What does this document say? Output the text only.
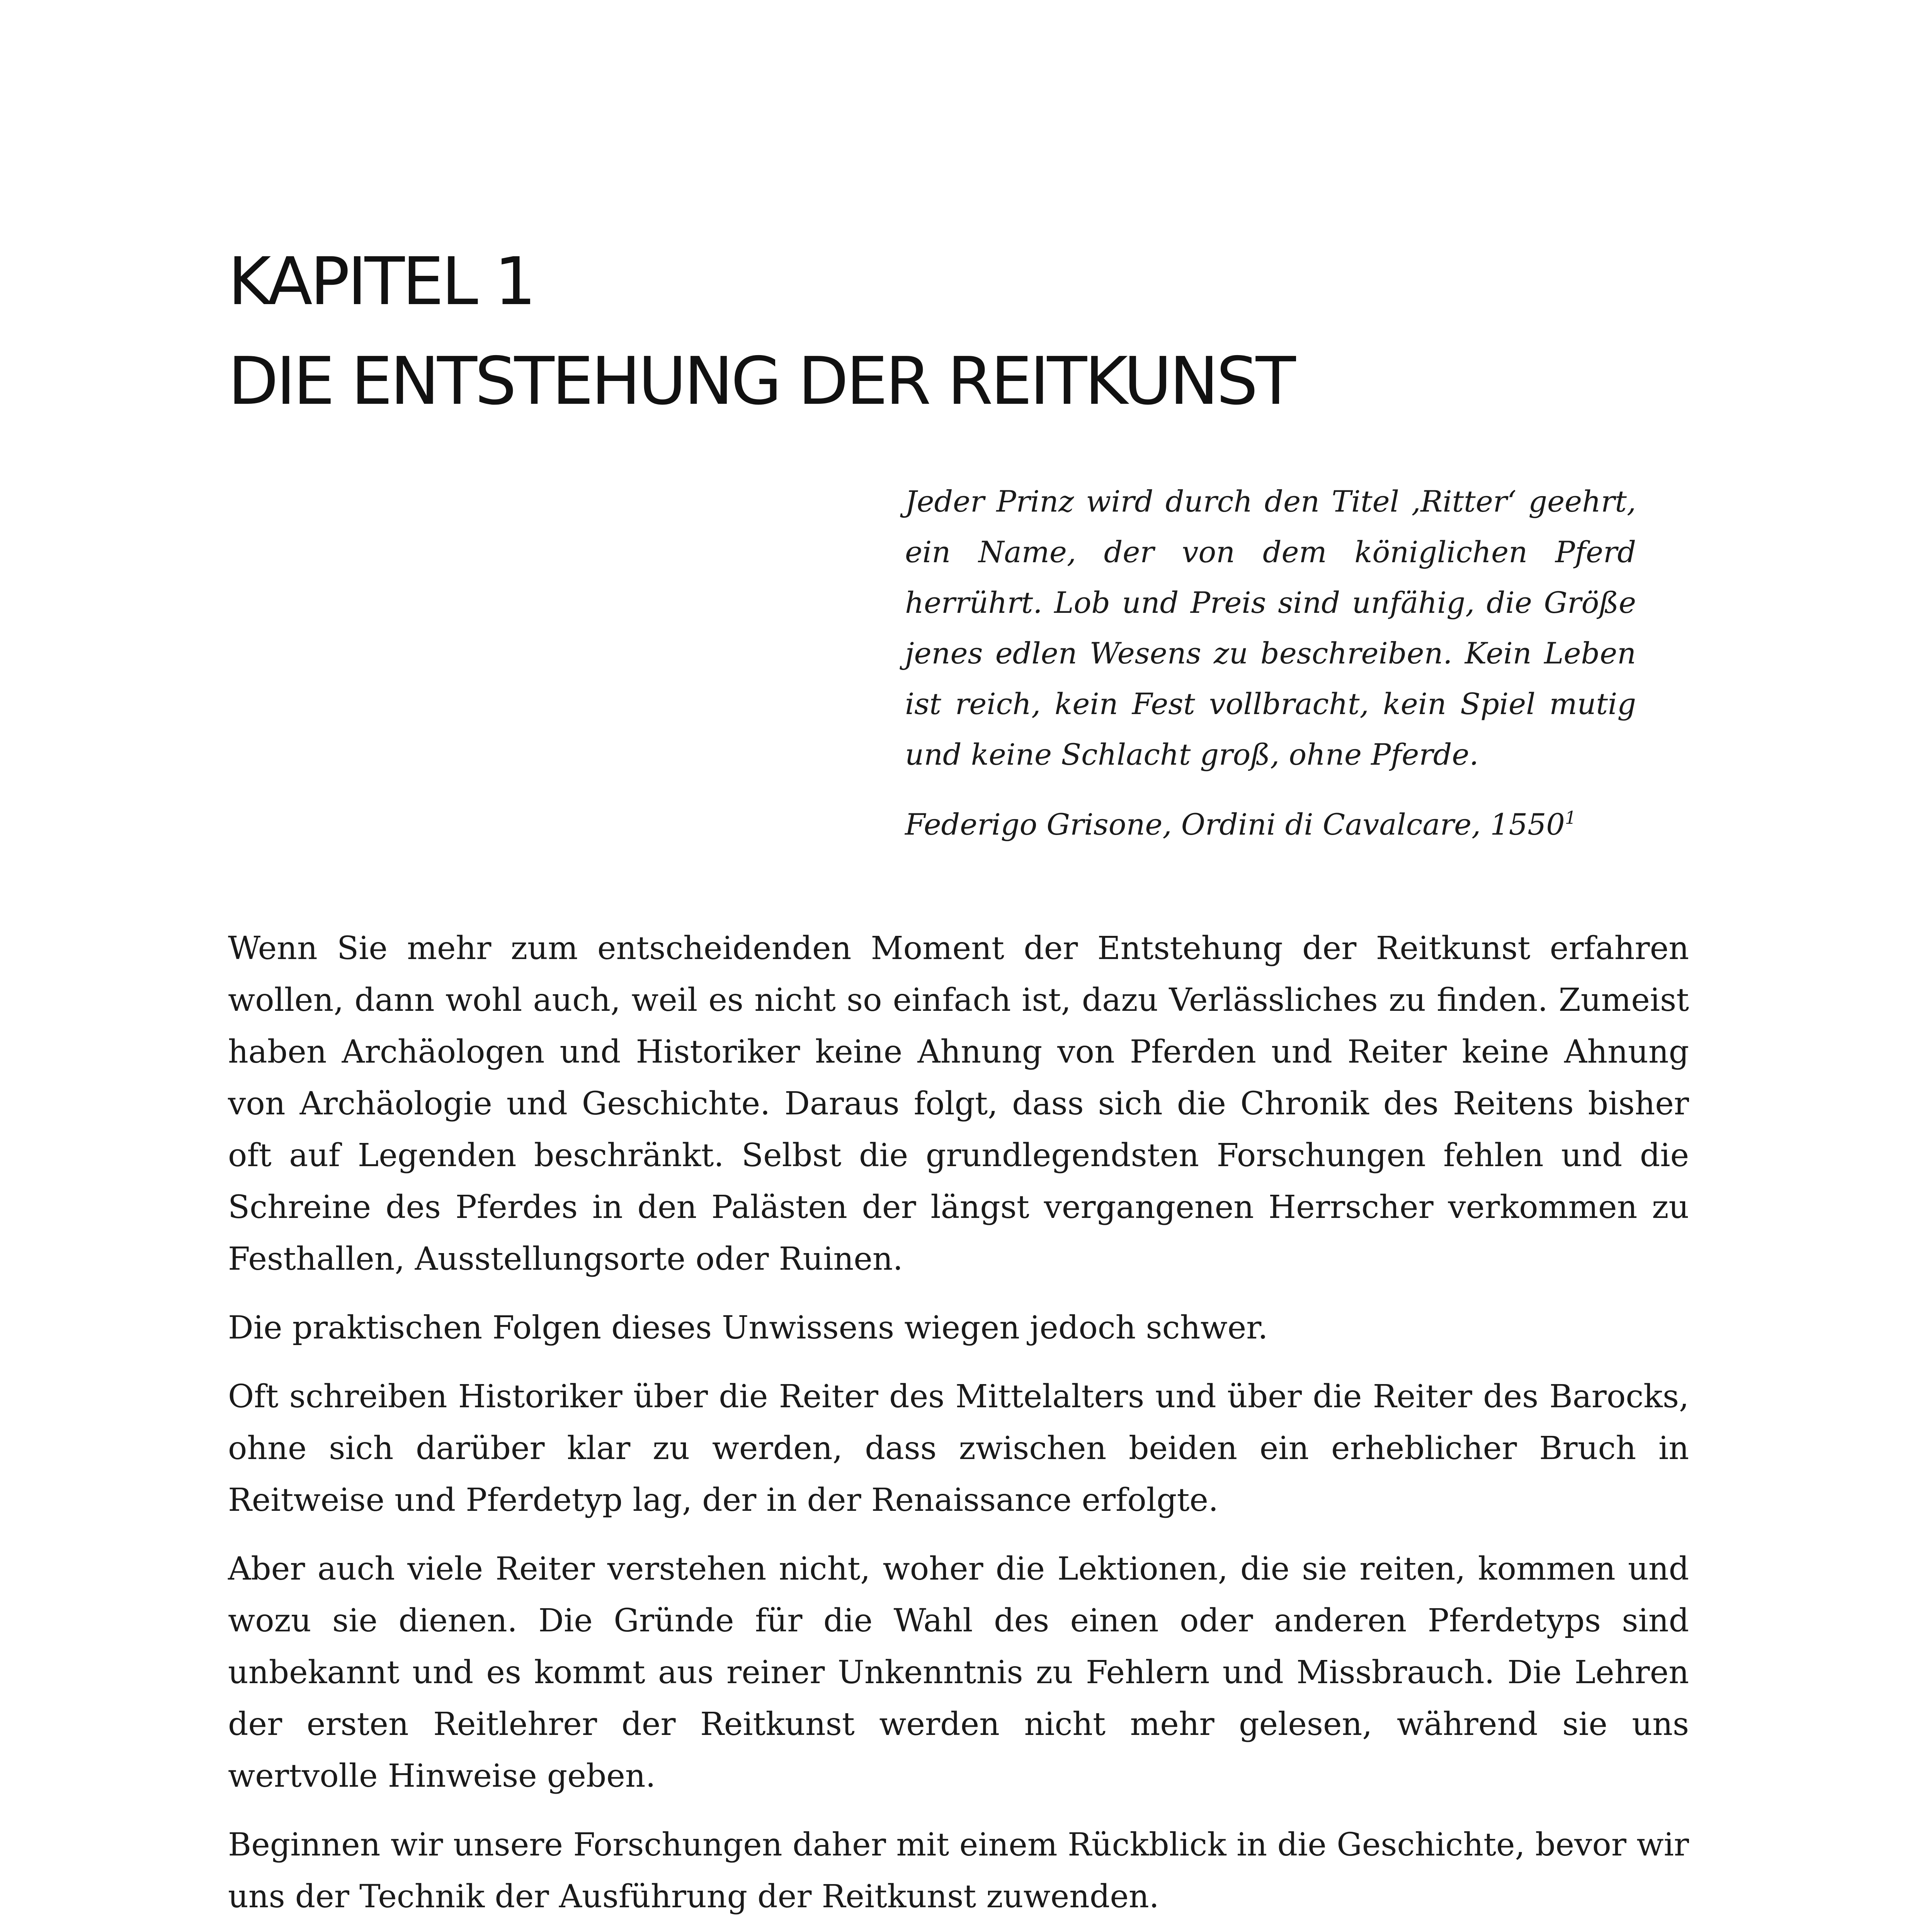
KAPITEL 1
DIE ENTSTEHUNG DER REITKUNST

Jeder Prinz wird durch den Titel ‚Ritter‘ geehrt, ein Name, der von dem königlichen Pferd herrührt. Lob und Preis sind unfähig, die Größe jenes edlen Wesens zu beschreiben. Kein Leben ist reich, kein Fest vollbracht, kein Spiel mutig und keine Schlacht groß, ohne Pferde.

Federigo Grisone, Ordini di Cavalcare, 1550$^1$

Wenn Sie mehr zum entscheidenden Moment der Entstehung der Reitkunst erfahren wollen, dann wohl auch, weil es nicht so einfach ist, dazu Verlässliches zu finden. Zumeist haben Archäologen und Historiker keine Ahnung von Pferden und Reiter keine Ahnung von Archäologie und Geschichte. Daraus folgt, dass sich die Chronik des Reitens bisher oft auf Legenden beschränkt. Selbst die grundlegendsten Forschungen fehlen und die Schreine des Pferdes in den Palästen der längst vergangenen Herrscher verkommen zu Festhallen, Ausstellungsorte oder Ruinen.

Die praktischen Folgen dieses Unwissens wiegen jedoch schwer.

Oft schreiben Historiker über die Reiter des Mittelalters und über die Reiter des Barocks, ohne sich darüber klar zu werden, dass zwischen beiden ein erheblicher Bruch in Reitweise und Pferdetyp lag, der in der Renaissance erfolgte.

Aber auch viele Reiter verstehen nicht, woher die Lektionen, die sie reiten, kommen und wozu sie dienen. Die Gründe für die Wahl des einen oder anderen Pferdetyps sind unbekannt und es kommt aus reiner Unkenntnis zu Fehlern und Missbrauch. Die Lehren der ersten Reitlehrer der Reitkunst werden nicht mehr gelesen, während sie uns wertvolle Hinweise geben.

Beginnen wir unsere Forschungen daher mit einem Rückblick in die Geschichte, bevor wir uns der Technik der Ausführung der Reitkunst zuwenden.
